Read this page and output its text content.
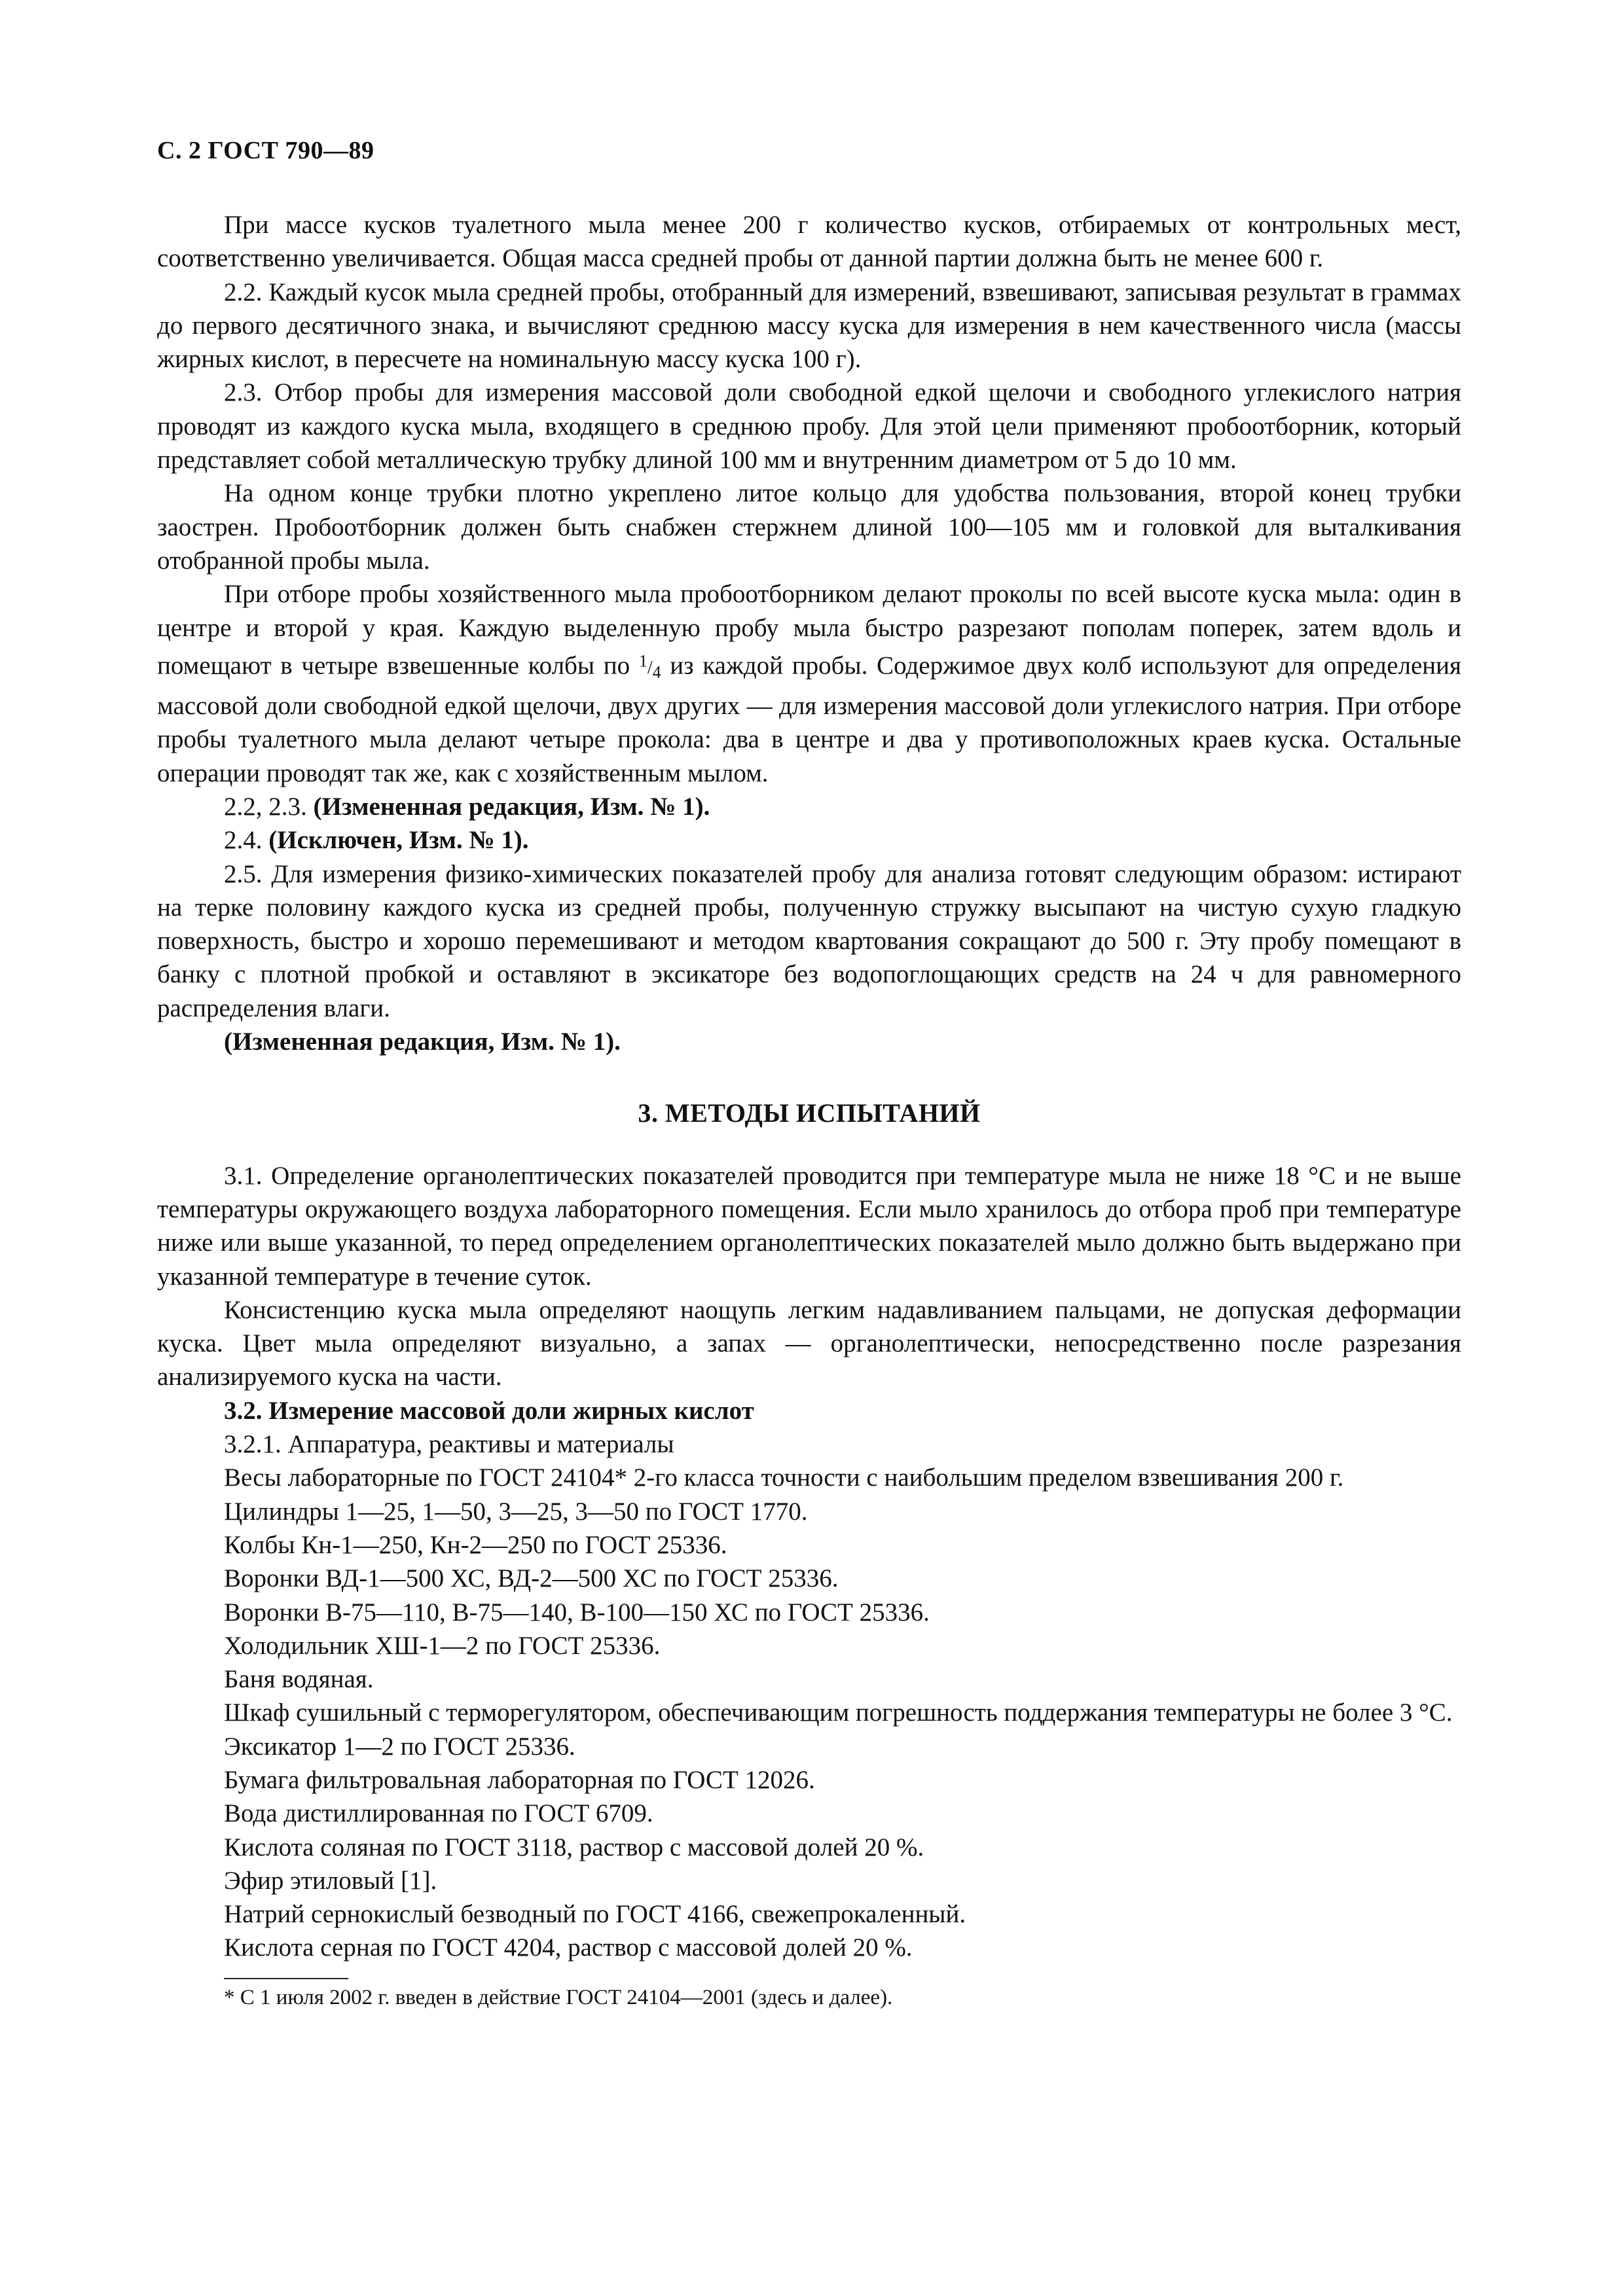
С. 2 ГОСТ 790—89

При массе кусков туалетного мыла менее 200 г количество кусков, отбираемых от контрольных мест, соответственно увеличивается. Общая масса средней пробы от данной партии должна быть не менее 600 г.

2.2. Каждый кусок мыла средней пробы, отобранный для измерений, взвешивают, записывая результат в граммах до первого десятичного знака, и вычисляют среднюю массу куска для измерения в нем качественного числа (массы жирных кислот, в пересчете на номинальную массу куска 100 г).

2.3. Отбор пробы для измерения массовой доли свободной едкой щелочи и свободного углекислого натрия проводят из каждого куска мыла, входящего в среднюю пробу. Для этой цели применяют пробоотборник, который представляет собой металлическую трубку длиной 100 мм и внутренним диаметром от 5 до 10 мм.

На одном конце трубки плотно укреплено литое кольцо для удобства пользования, второй конец трубки заострен. Пробоотборник должен быть снабжен стержнем длиной 100—105 мм и головкой для выталкивания отобранной пробы мыла.

При отборе пробы хозяйственного мыла пробоотборником делают проколы по всей высоте куска мыла: один в центре и второй у края. Каждую выделенную пробу мыла быстро разрезают пополам поперек, затем вдоль и помещают в четыре взвешенные колбы по $^1/_4$ из каждой пробы. Содержимое двух колб используют для определения массовой доли свободной едкой щелочи, двух других — для измерения массовой доли углекислого натрия. При отборе пробы туалетного мыла делают четыре прокола: два в центре и два у противоположных краев куска. Остальные операции проводят так же, как с хозяйственным мылом.

2.2, 2.3. (Измененная редакция, Изм. № 1).

2.4. (Исключен, Изм. № 1).

2.5. Для измерения физико-химических показателей пробу для анализа готовят следующим образом: истирают на терке половину каждого куска из средней пробы, полученную стружку высыпают на чистую сухую гладкую поверхность, быстро и хорошо перемешивают и методом квартования сокращают до 500 г. Эту пробу помещают в банку с плотной пробкой и оставляют в эксикаторе без водопоглощающих средств на 24 ч для равномерного распределения влаги.

(Измененная редакция, Изм. № 1).

3. МЕТОДЫ ИСПЫТАНИЙ

3.1. Определение органолептических показателей проводится при температуре мыла не ниже 18 °С и не выше температуры окружающего воздуха лабораторного помещения. Если мыло хранилось до отбора проб при температуре ниже или выше указанной, то перед определением органолептических показателей мыло должно быть выдержано при указанной температуре в течение суток.

Консистенцию куска мыла определяют наощупь легким надавливанием пальцами, не допуская деформации куска. Цвет мыла определяют визуально, а запах — органолептически, непосредственно после разрезания анализируемого куска на части.

3.2. Измерение массовой доли жирных кислот

3.2.1. Аппаратура, реактивы и материалы

Весы лабораторные по ГОСТ 24104* 2-го класса точности с наибольшим пределом взвешивания 200 г.

Цилиндры 1—25, 1—50, 3—25, 3—50 по ГОСТ 1770.

Колбы Кн-1—250, Кн-2—250 по ГОСТ 25336.

Воронки ВД-1—500 ХС, ВД-2—500 ХС по ГОСТ 25336.

Воронки В-75—110, В-75—140, В-100—150 ХС по ГОСТ 25336.

Холодильник ХШ-1—2 по ГОСТ 25336.

Баня водяная.

Шкаф сушильный с терморегулятором, обеспечивающим погрешность поддержания температуры не более 3 °С.

Эксикатор 1—2 по ГОСТ 25336.

Бумага фильтровальная лабораторная по ГОСТ 12026.

Вода дистиллированная по ГОСТ 6709.

Кислота соляная по ГОСТ 3118, раствор с массовой долей 20 %.

Эфир этиловый [1].

Натрий сернокислый безводный по ГОСТ 4166, свежепрокаленный.

Кислота серная по ГОСТ 4204, раствор с массовой долей 20 %.

* С 1 июля 2002 г. введен в действие ГОСТ 24104—2001 (здесь и далее).
